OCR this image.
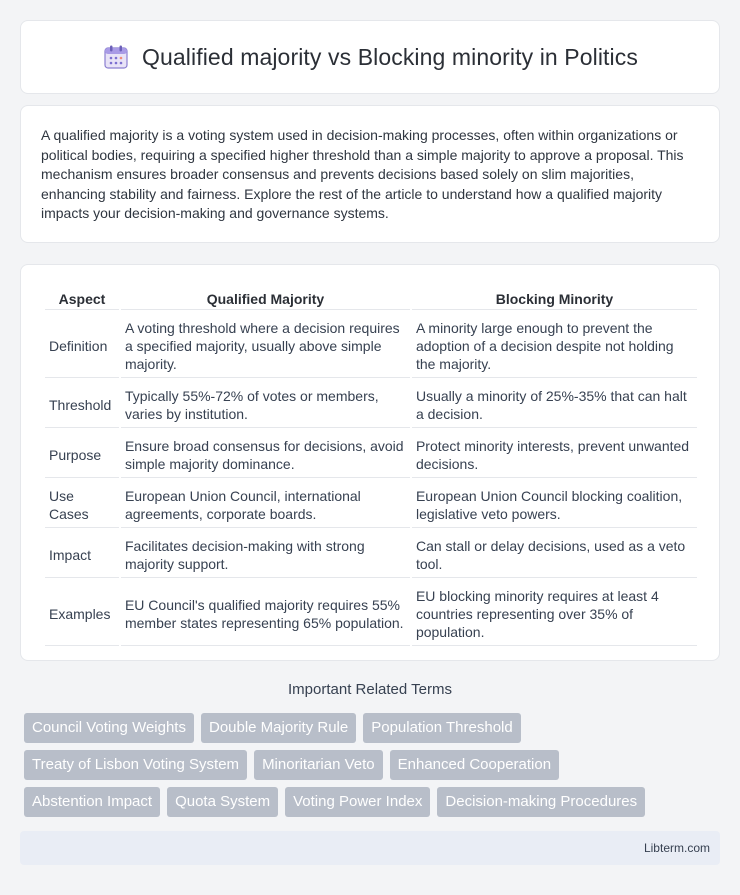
Qualified majority vs Blocking minority in Politics

A qualified majority is a voting system used in decision-making processes, often within organizations or political bodies, requiring a specified higher threshold than a simple majority to approve a proposal. This mechanism ensures broader consensus and prevents decisions based solely on slim majorities, enhancing stability and fairness. Explore the rest of the article to understand how a qualified majority impacts your decision-making and governance systems.

Aspect	Qualified Majority	Blocking Minority
Definition	A voting threshold where a decision requires a specified majority, usually above simple majority.	A minority large enough to prevent the adoption of a decision despite not holding the majority.
Threshold	Typically 55%-72% of votes or members, varies by institution.	Usually a minority of 25%-35% that can halt a decision.
Purpose	Ensure broad consensus for decisions, avoid simple majority dominance.	Protect minority interests, prevent unwanted decisions.
Use Cases	European Union Council, international agreements, corporate boards.	European Union Council blocking coalition, legislative veto powers.
Impact	Facilitates decision-making with strong majority support.	Can stall or delay decisions, used as a veto tool.
Examples	EU Council's qualified majority requires 55% member states representing 65% population.	EU blocking minority requires at least 4 countries representing over 35% of population.
Important Related Terms
Council Voting Weights	Double Majority Rule	Population Threshold
Treaty of Lisbon Voting System	Minoritarian Veto	Enhanced Cooperation
Abstention Impact	Quota System	Voting Power Index	Decision-making Procedures
Libterm.com
